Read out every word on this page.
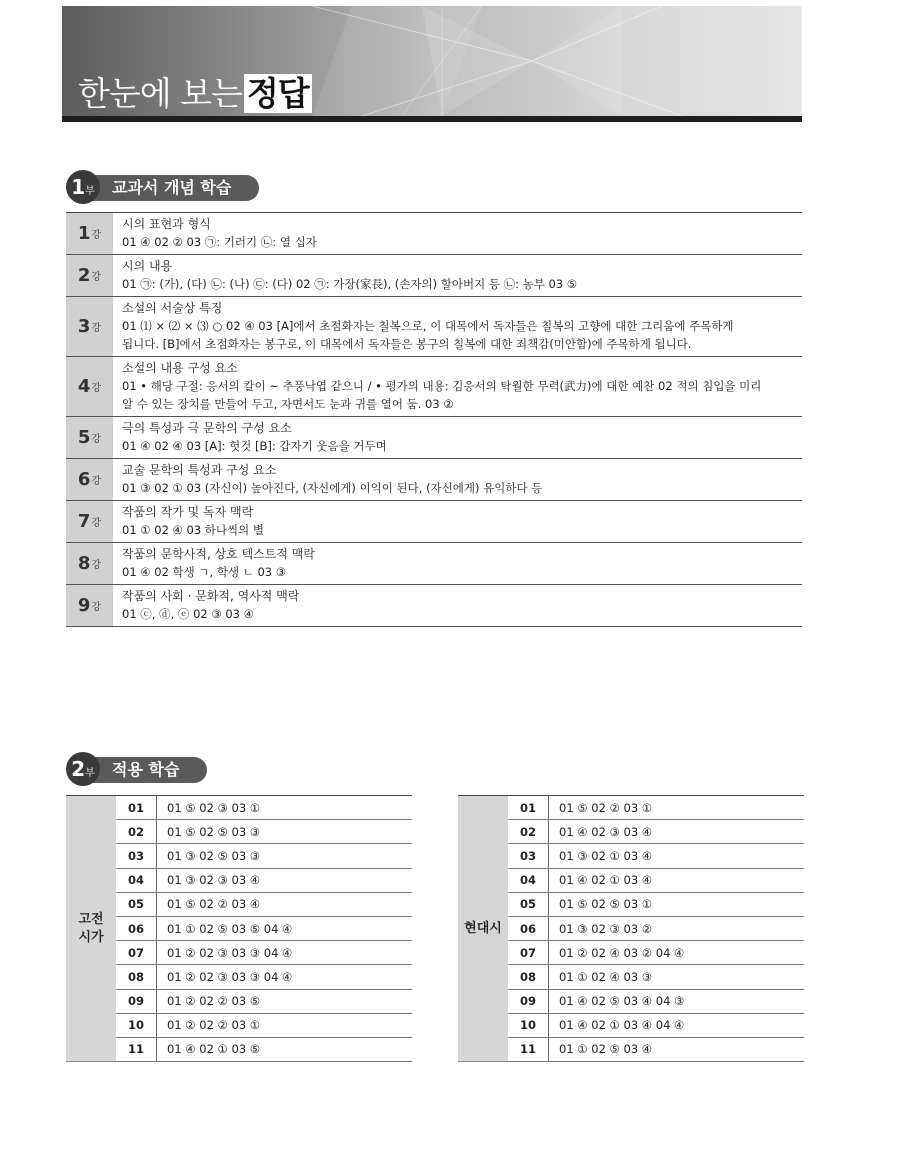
한눈에 보는 정답
1부	교과서 개념 학습
1 강
시의 표현과 형식
01 ④ 02 ② 03 ㉠: 기러기 ㉡: 열 십자
2 강
시의 내용
01 ㉠: (가), (다) ㉡: (나) ㉢: (다) 02 ㉠: 가장(家長), (손자의) 할아버지 등 ㉡: 농부 03 ⑤
3 강
소설의 서술상 특징
01 ⑴ × ⑵ × ⑶ ○ 02 ④ 03 [A]에서 초점화자는 칠복으로, 이 대목에서 독자들은 칠복의 고향에 대한 그리움에 주목하게
됩니다. [B]에서 초점화자는 봉구로, 이 대목에서 독자들은 봉구의 칠복에 대한 죄책감(미안함)에 주목하게 됩니다.
4 강
소설의 내용 구성 요소
01 • 해당 구절: 응서의 칼이 ~ 추풍낙엽 같으니 / • 평가의 내용: 김응서의 탁월한 무력(武力)에 대한 예찬 02 적의 침입을 미리
알 수 있는 장치를 만들어 두고, 자면서도 눈과 귀를 열어 둠. 03 ②
5 강
극의 특성과 극 문학의 구성 요소
01 ④ 02 ④ 03 [A]: 헛것 [B]: 갑자기 웃음을 거두며
6 강
교술 문학의 특성과 구성 요소
01 ③ 02 ① 03 (자신이) 높아진다, (자신에게) 이익이 된다, (자신에게) 유익하다 등
7 강
작품의 작가 및 독자 맥락
01 ① 02 ④ 03 하나씩의 별
8 강
작품의 문학사적, 상호 텍스트적 맥락
01 ④ 02 학생 ㄱ, 학생 ㄴ 03 ③
9 강
작품의 사회 · 문화적, 역사적 맥락
01 ⓒ, ⓓ, ⓔ 02 ③ 03 ④
2부	적용 학습
고전
시가	01	01 ⑤ 02 ③ 03 ①
	02	01 ⑤ 02 ⑤ 03 ③
	03	01 ③ 02 ⑤ 03 ③
	04	01 ③ 02 ③ 03 ④
	05	01 ⑤ 02 ② 03 ④
	06	01 ① 02 ⑤ 03 ⑤ 04 ④
	07	01 ② 02 ③ 03 ③ 04 ④
	08	01 ② 02 ③ 03 ③ 04 ④
	09	01 ② 02 ② 03 ⑤
	10	01 ② 02 ② 03 ①
	11	01 ④ 02 ① 03 ⑤
현대시	01	01 ⑤ 02 ② 03 ①
	02	01 ④ 02 ③ 03 ④
	03	01 ③ 02 ① 03 ④
	04	01 ④ 02 ① 03 ④
	05	01 ⑤ 02 ⑤ 03 ①
	06	01 ③ 02 ③ 03 ②
	07	01 ② 02 ④ 03 ② 04 ④
	08	01 ① 02 ④ 03 ③
	09	01 ④ 02 ⑤ 03 ④ 04 ③
	10	01 ④ 02 ① 03 ④ 04 ④
	11	01 ① 02 ⑤ 03 ④
